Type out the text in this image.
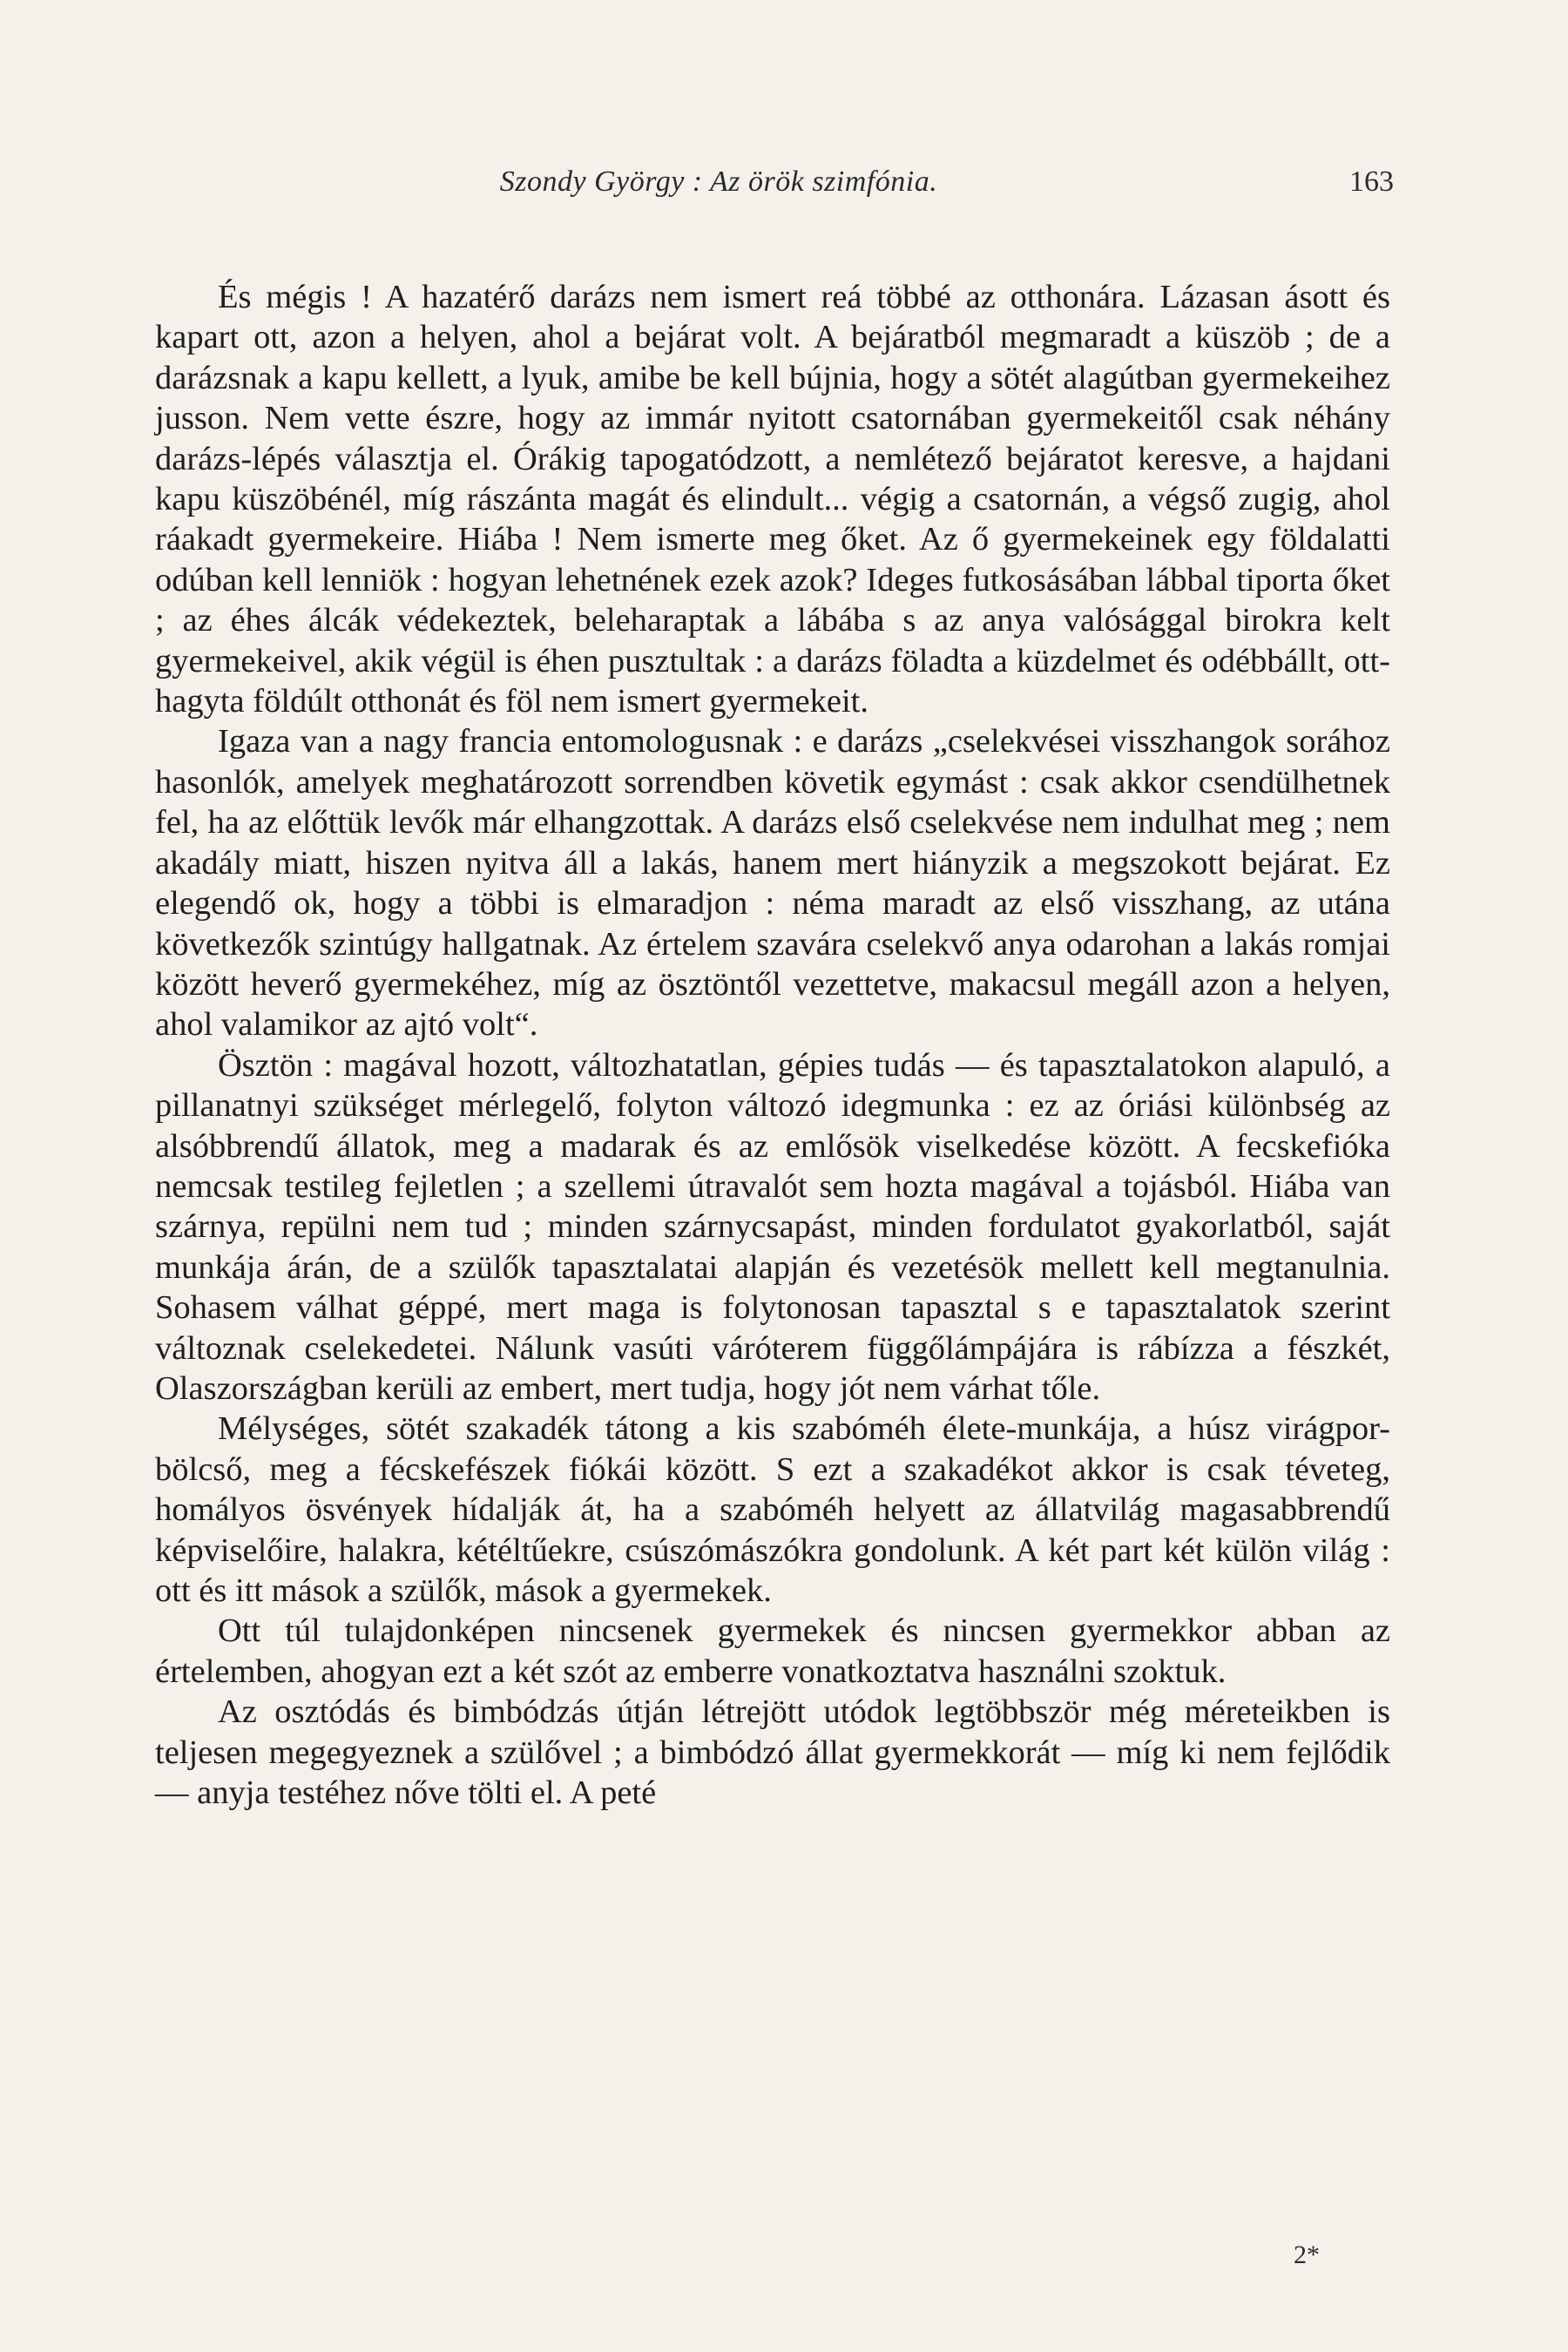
Szondy György : Az örök szimfónia.	163

És mégis ! A hazatérő darázs nem ismert reá többé az otthonára. Lázasan ásott és kapart ott, azon a helyen, ahol a bejárat volt. A bejáratból megmaradt a küszöb ; de a darázsnak a kapu kellett, a lyuk, amibe be kell bújnia, hogy a sötét alagútban gyermekeihez jusson. Nem vette észre, hogy az immár nyitott csatornában gyermekeitől csak néhány darázs-lépés választja el. Órákig tapogatódzott, a nemlétező bejáratot keresve, a hajdani kapu küszöbénél, míg rászánta magát és elindult... végig a csatornán, a végső zugig, ahol ráakadt gyermekeire. Hiába ! Nem ismerte meg őket. Az ő gyermekeinek egy földalatti odúban kell lenniök : hogyan lehetnének ezek azok? Ideges futkosásában lábbal tiporta őket ; az éhes álcák védekeztek, beleharaptak a lábába s az anya valósággal birokra kelt gyermekeivel, akik végül is éhen pusztultak : a darázs föladta a küzdelmet és odébbállt, otthagyta földúlt otthonát és föl nem ismert gyermekeit.

Igaza van a nagy francia entomologusnak : e darázs „cselekvései visszhangok sorához hasonlók, amelyek meghatározott sorrendben követik egymást : csak akkor csendülhetnek fel, ha az előttük levők már elhangzottak. A darázs első cselekvése nem indulhat meg ; nem akadály miatt, hiszen nyitva áll a lakás, hanem mert hiányzik a megszokott bejárat. Ez elegendő ok, hogy a többi is elmaradjon : néma maradt az első visszhang, az utána következők szintúgy hallgatnak. Az értelem szavára cselekvő anya odarohan a lakás romjai között heverő gyermekéhez, míg az ösztöntől vezettetve, makacsul megáll azon a helyen, ahol valamikor az ajtó volt“.

Ösztön : magával hozott, változhatatlan, gépies tudás — és tapasztalatokon alapuló, a pillanatnyi szükséget mérlegelő, folyton változó idegmunka : ez az óriási különbség az alsóbbrendű állatok, meg a madarak és az emlősök viselkedése között. A fecskefióka nemcsak testileg fejletlen ; a szellemi útravalót sem hozta magával a tojásból. Hiába van szárnya, repülni nem tud ; minden szárnycsapást, minden fordulatot gyakorlatból, saját munkája árán, de a szülők tapasztalatai alapján és vezetésök mellett kell megtanulnia. Sohasem válhat géppé, mert maga is folytonosan tapasztal s e tapasztalatok szerint változnak cselekedetei. Nálunk vasúti váróterem függőlámpájára is rábízza a fészkét, Olaszországban kerüli az embert, mert tudja, hogy jót nem várhat tőle.

Mélységes, sötét szakadék tátong a kis szabóméh élete-munkája, a húsz virágpor-bölcső, meg a fécskefészek fiókái között. S ezt a szakadékot akkor is csak téveteg, homályos ösvények hídalják át, ha a szabóméh helyett az állatvilág magasabbrendű képviselőire, halakra, kétéltűekre, csúszómászókra gondolunk. A két part két külön világ : ott és itt mások a szülők, mások a gyermekek.

Ott túl tulajdonképen nincsenek gyermekek és nincsen gyermekkor abban az értelemben, ahogyan ezt a két szót az emberre vonatkoztatva használni szoktuk.

Az osztódás és bimbódzás útján létrejött utódok legtöbbször még méreteikben is teljesen megegyeznek a szülővel ; a bimbódzó állat gyermekkorát — míg ki nem fejlődik — anyja testéhez nőve tölti el. A peté

2*
